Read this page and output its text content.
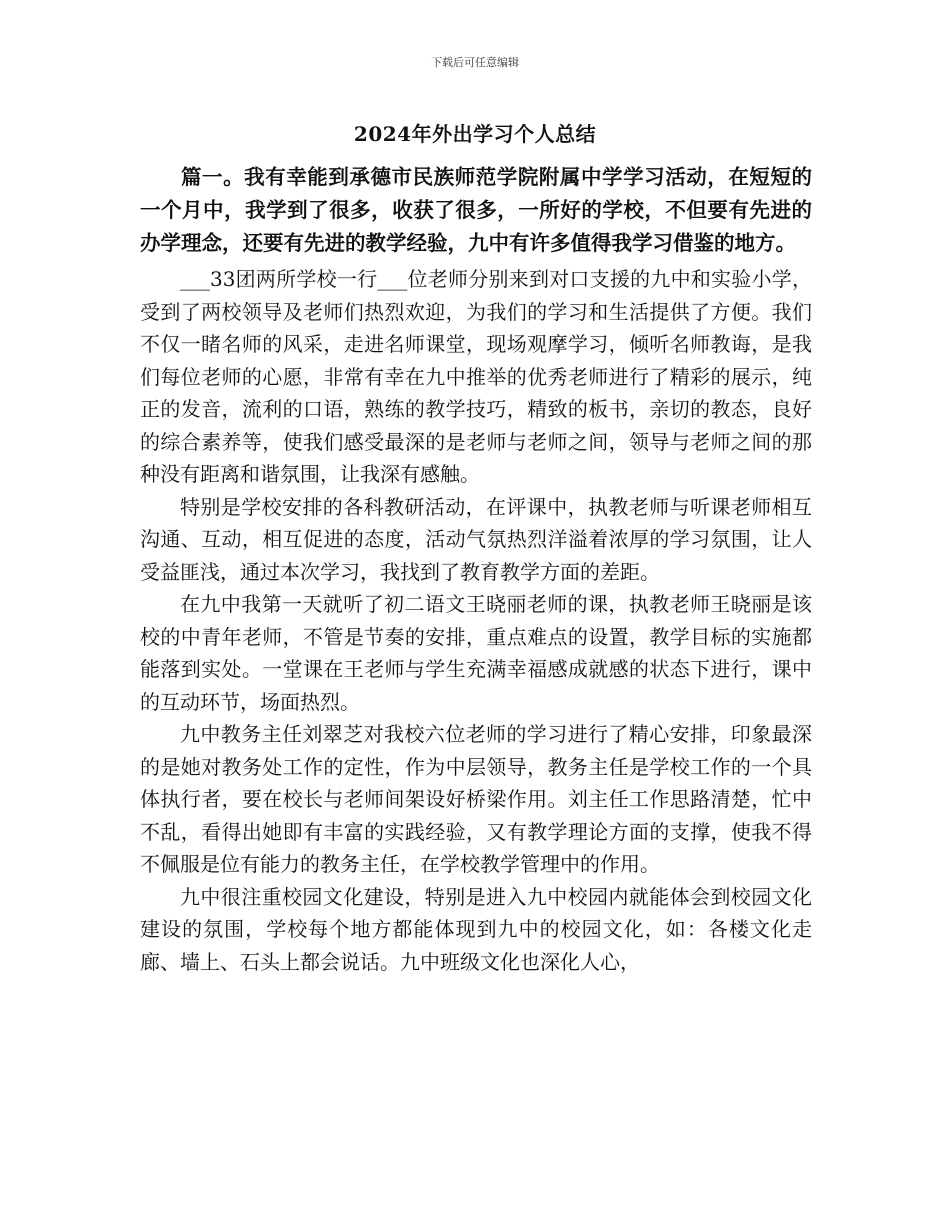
下载后可任意编辑
2024年外出学习个人总结

篇一。我有幸能到承德市民族师范学院附属中学学习活动，在短短的一个月中，我学到了很多，收获了很多，一所好的学校，不但要有先进的办学理念，还要有先进的教学经验，九中有许多值得我学习借鉴的地方。

___33团两所学校一行___位老师分别来到对口支援的九中和实验小学，受到了两校领导及老师们热烈欢迎，为我们的学习和生活提供了方便。我们不仅一睹名师的风采，走进名师课堂，现场观摩学习，倾听名师教诲，是我们每位老师的心愿，非常有幸在九中推举的优秀老师进行了精彩的展示，纯正的发音，流利的口语，熟练的教学技巧，精致的板书，亲切的教态，良好的综合素养等，使我们感受最深的是老师与老师之间，领导与老师之间的那种没有距离和谐氛围，让我深有感触。

特别是学校安排的各科教研活动，在评课中，执教老师与听课老师相互沟通、互动，相互促进的态度，活动气氛热烈洋溢着浓厚的学习氛围，让人受益匪浅，通过本次学习，我找到了教育教学方面的差距。

在九中我第一天就听了初二语文王晓丽老师的课，执教老师王晓丽是该校的中青年老师，不管是节奏的安排，重点难点的设置，教学目标的实施都能落到实处。一堂课在王老师与学生充满幸福感成就感的状态下进行，课中的互动环节，场面热烈。

九中教务主任刘翠芝对我校六位老师的学习进行了精心安排，印象最深的是她对教务处工作的定性，作为中层领导，教务主任是学校工作的一个具体执行者，要在校长与老师间架设好桥梁作用。刘主任工作思路清楚，忙中不乱，看得出她即有丰富的实践经验，又有教学理论方面的支撑，使我不得不佩服是位有能力的教务主任，在学校教学管理中的作用。

九中很注重校园文化建设，特别是进入九中校园内就能体会到校园文化建设的氛围，学校每个地方都能体现到九中的校园文化，如：各楼文化走廊、墙上、石头上都会说话。九中班级文化也深化人心，
